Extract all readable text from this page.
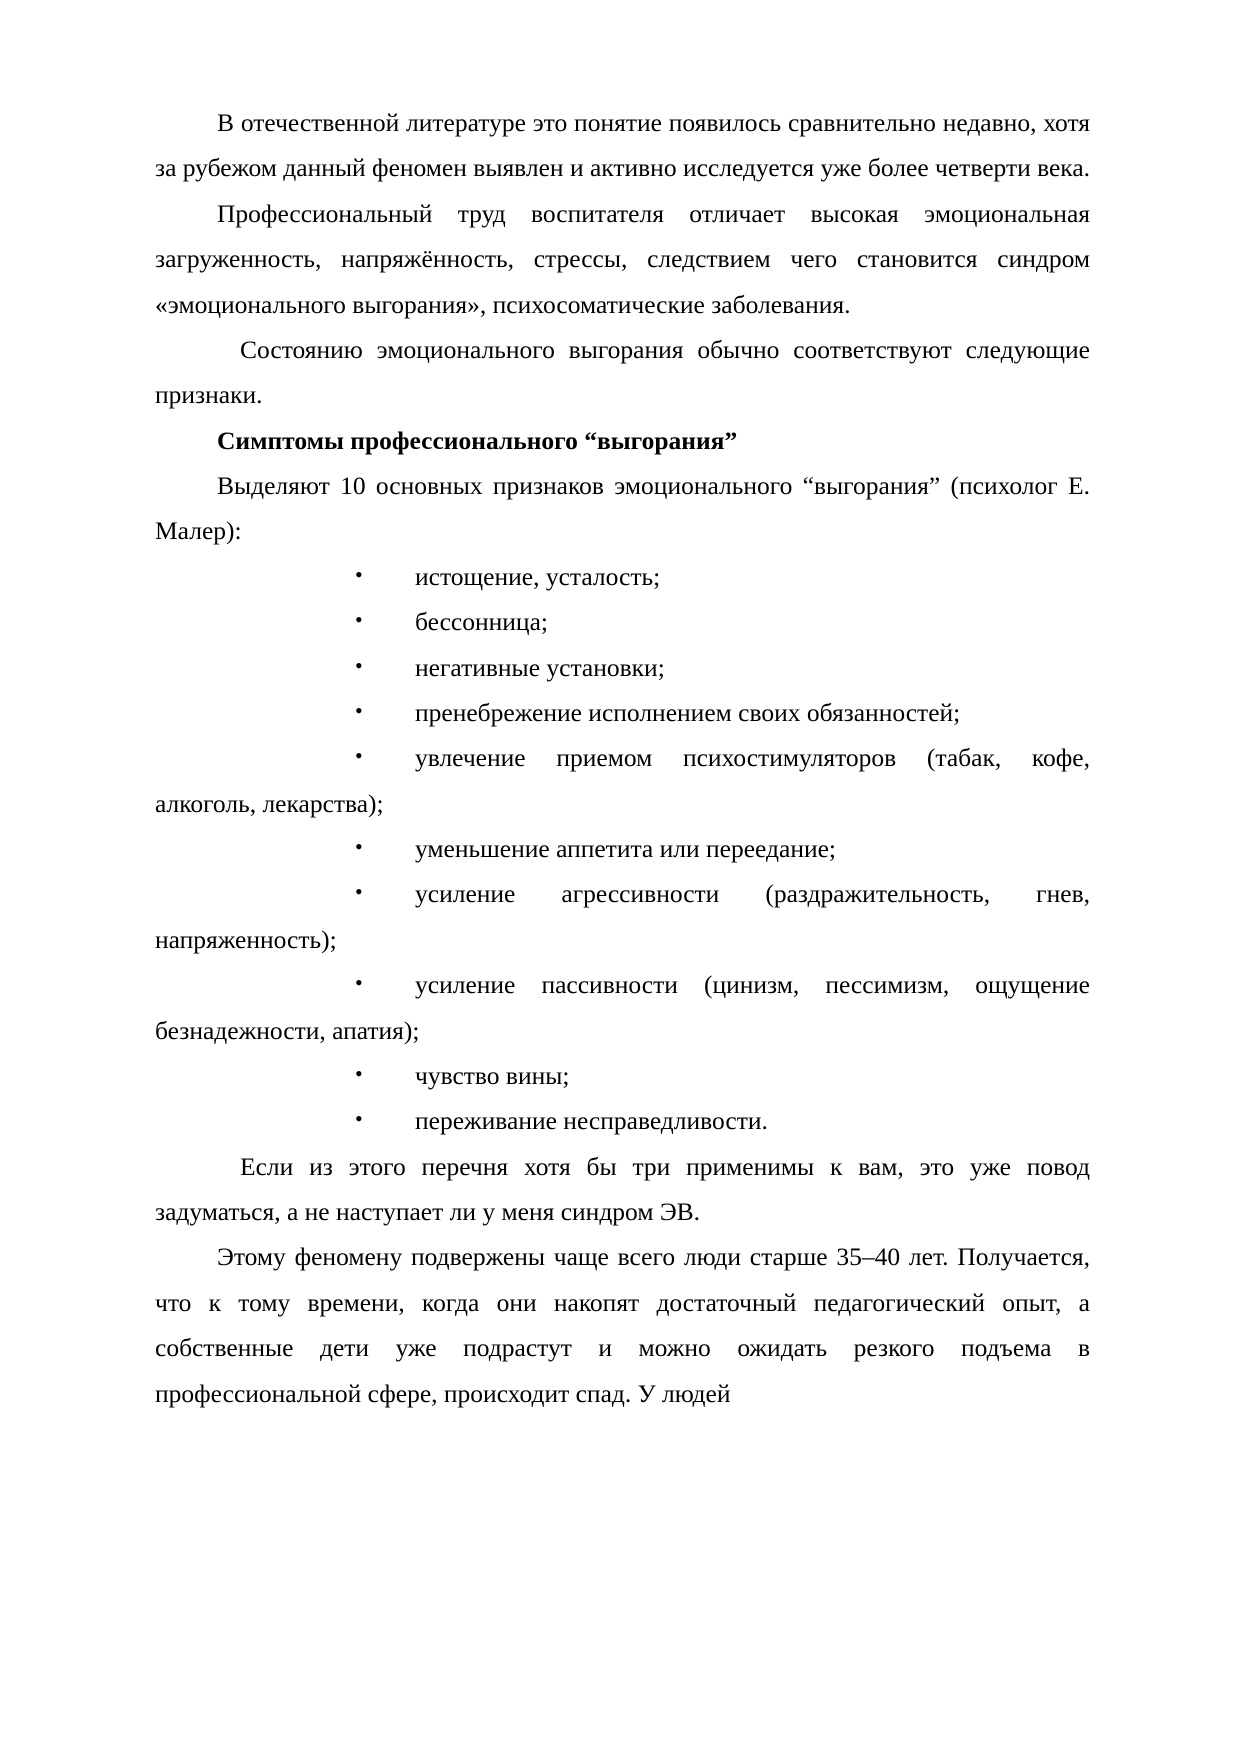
В отечественной литературе это понятие появилось сравнительно недавно, хотя за рубежом данный феномен выявлен и активно исследуется уже более четверти века.

Профессиональный труд воспитателя отличает высокая эмоциональная загруженность, напряжённость, стрессы, следствием чего становится синдром «эмоционального выгорания», психосоматические заболевания.

Состоянию эмоционального выгорания обычно соответствуют следующие признаки.

Симптомы профессионального “выгорания”

Выделяют 10 основных признаков эмоционального “выгорания” (психолог Е. Малер):

•	истощение, усталость;
•	бессонница;
•	негативные установки;
•	пренебрежение исполнением своих обязанностей;
•	увлечение приемом психостимуляторов (табак, кофе, алкоголь, лекарства);
•	уменьшение аппетита или переедание;
•	усиление агрессивности (раздражительность, гнев, напряженность);
•	усиление пассивности (цинизм, пессимизм, ощущение безнадежности, апатия);
•	чувство вины;
•	переживание несправедливости.

Если из этого перечня хотя бы три применимы к вам, это уже повод задуматься, а не наступает ли у меня синдром ЭВ.

Этому феномену подвержены чаще всего люди старше 35–40 лет. Получается, что к тому времени, когда они накопят достаточный педагогический опыт, а собственные дети уже подрастут и можно ожидать резкого подъема в профессиональной сфере, происходит спад. У людей
